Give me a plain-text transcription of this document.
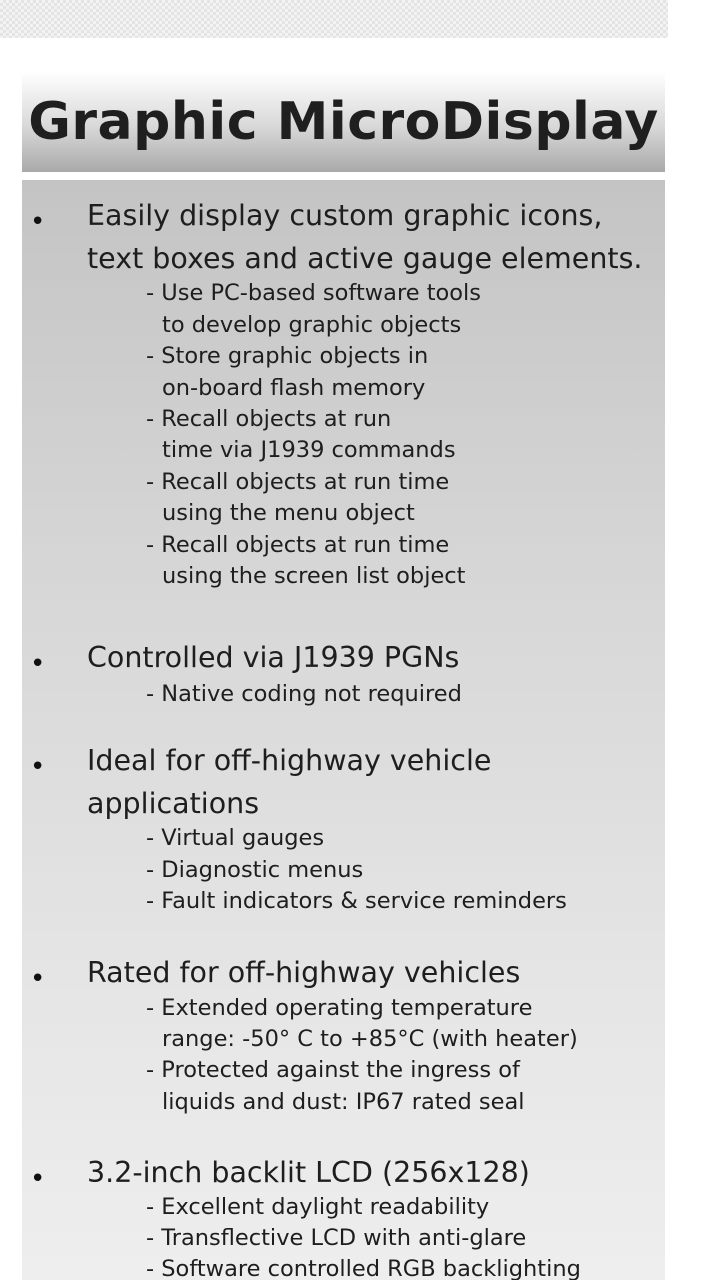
Graphic MicroDisplay
• Easily display custom graphic icons,
text boxes and active gauge elements.
- Use PC-based software tools
to develop graphic objects
- Store graphic objects in
on-board flash memory
- Recall objects at run
time via J1939 commands
- Recall objects at run time
using the menu object
- Recall objects at run time
using the screen list object
• Controlled via J1939 PGNs
- Native coding not required
• Ideal for off-highway vehicle
applications
- Virtual gauges
- Diagnostic menus
- Fault indicators & service reminders
• Rated for off-highway vehicles
- Extended operating temperature
range: -50° C to +85°C (with heater)
- Protected against the ingress of
liquids and dust: IP67 rated seal
• 3.2-inch backlit LCD (256x128)
- Excellent daylight readability
- Transflective LCD with anti-glare
- Software controlled RGB backlighting
